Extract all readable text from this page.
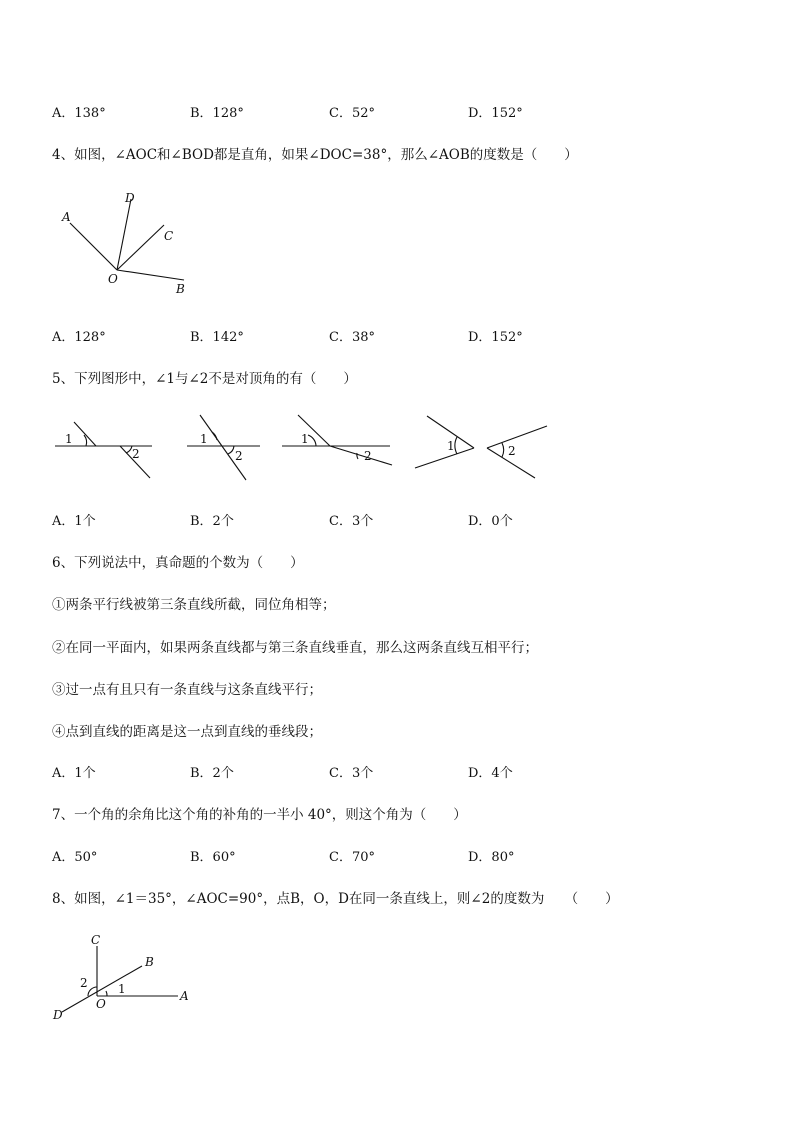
A．138°	B．128°	C．52°	D．152°
4、如图，∠AOC和∠BOD都是直角，如果∠DOC=38°，那么∠AOB的度数是（　　）
A
D
C
O
B
A．128°	B．142°	C．38°	D．152°
5、下列图形中，∠1与∠2不是对顶角的有（　　）
1
2
1
2
1
2
1	2
A．1个	B．2个	C．3个	D．0个
6、下列说法中，真命题的个数为（　　）
①两条平行线被第三条直线所截，同位角相等；
②在同一平面内，如果两条直线都与第三条直线垂直，那么这两条直线互相平行；
③过一点有且只有一条直线与这条直线平行；
④点到直线的距离是这一点到直线的垂线段；
A．1个	B．2个	C．3个	D．4个
7、一个角的余角比这个角的补角的一半小 40°，则这个角为（　　）
A．50°	B．60°	C．70°	D．80°
8、如图，∠1＝35°，∠AOC=90°，点B，O，D在同一条直线上，则∠2的度数为　　（　　）
C
B
2	1
O
A
D
